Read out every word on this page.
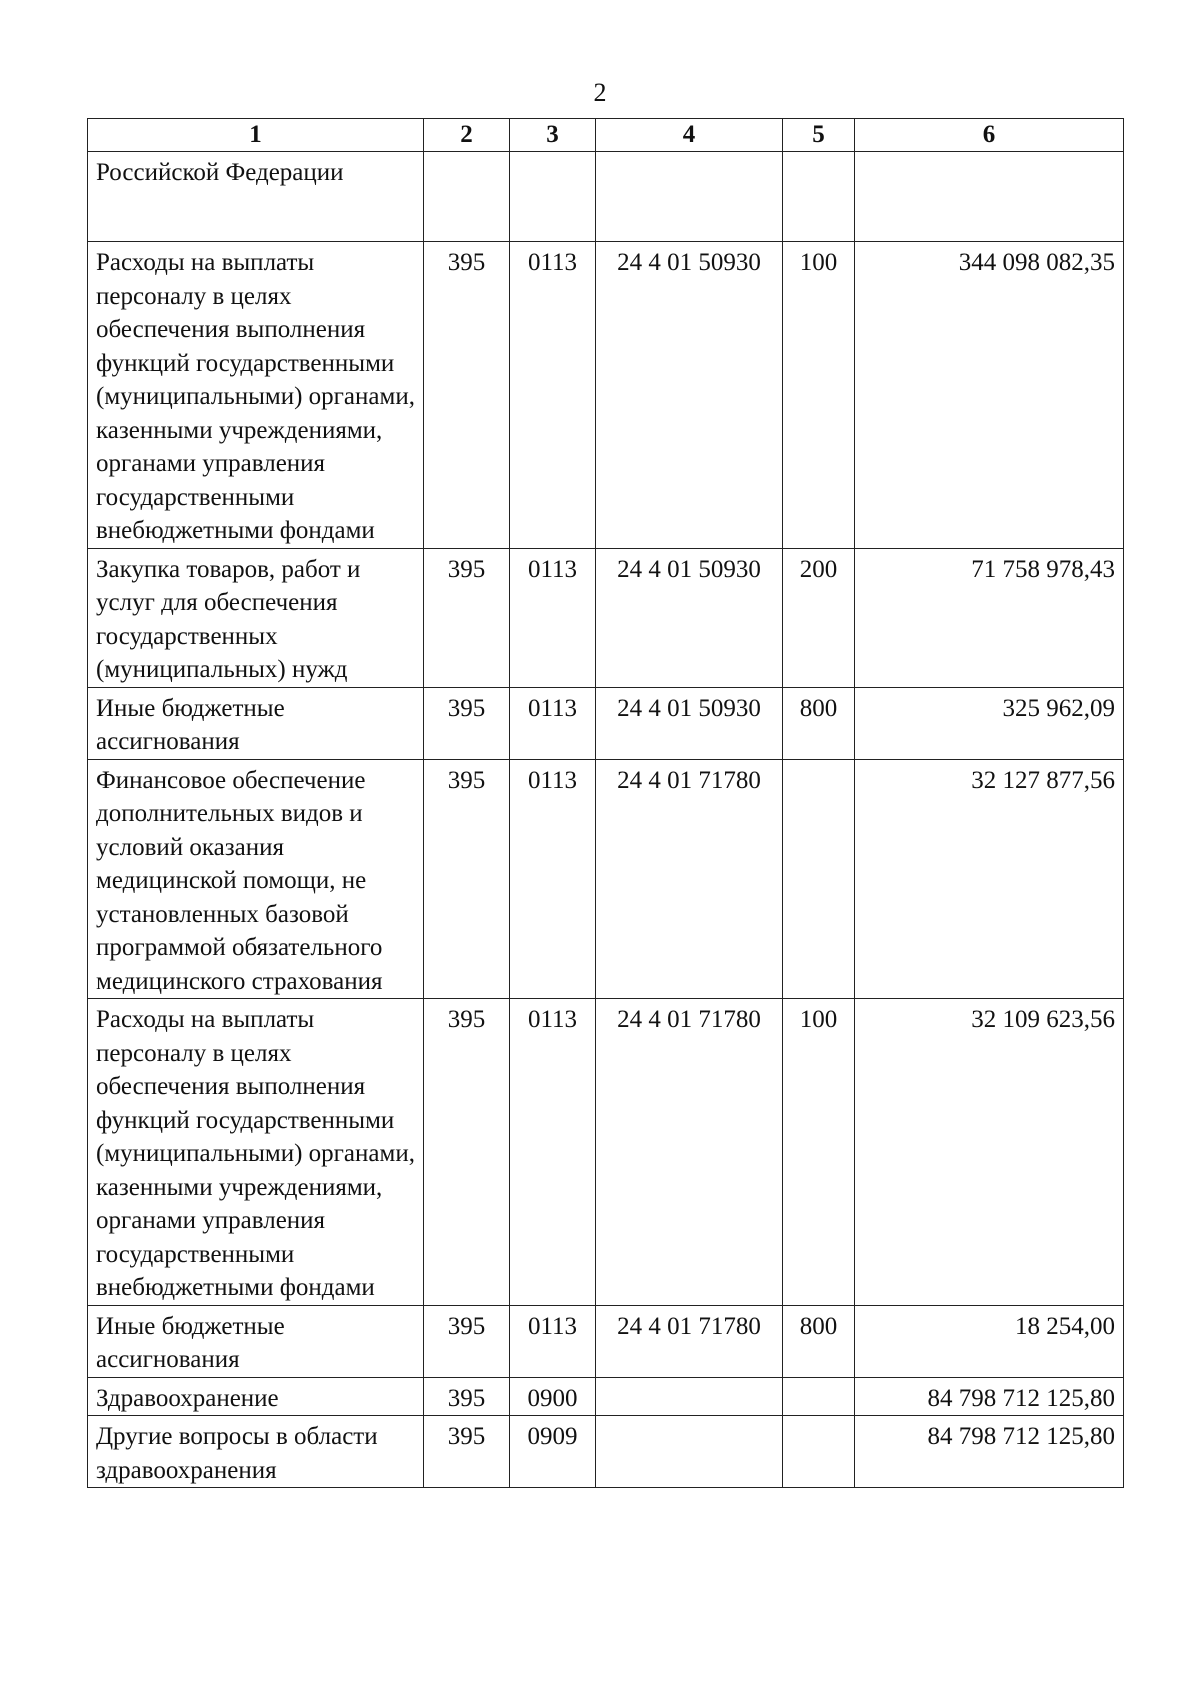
2
1	2	3	4	5	6
Российской Федерации					
Расходы на выплаты персоналу в целях обеспечения выполнения функций государственными (муниципальными) органами, казенными учреждениями, органами управления государственными внебюджетными фондами	395	0113	24 4 01 50930	100	344 098 082,35
Закупка товаров, работ и услуг для обеспечения государственных (муниципальных) нужд	395	0113	24 4 01 50930	200	71 758 978,43
Иные бюджетные ассигнования	395	0113	24 4 01 50930	800	325 962,09
Финансовое обеспечение дополнительных видов и условий оказания медицинской помощи, не установленных базовой программой обязательного медицинского страхования	395	0113	24 4 01 71780		32 127 877,56
Расходы на выплаты персоналу в целях обеспечения выполнения функций государственными (муниципальными) органами, казенными учреждениями, органами управления государственными внебюджетными фондами	395	0113	24 4 01 71780	100	32 109 623,56
Иные бюджетные ассигнования	395	0113	24 4 01 71780	800	18 254,00
Здравоохранение	395	0900			84 798 712 125,80
Другие вопросы в области здравоохранения	395	0909			84 798 712 125,80
